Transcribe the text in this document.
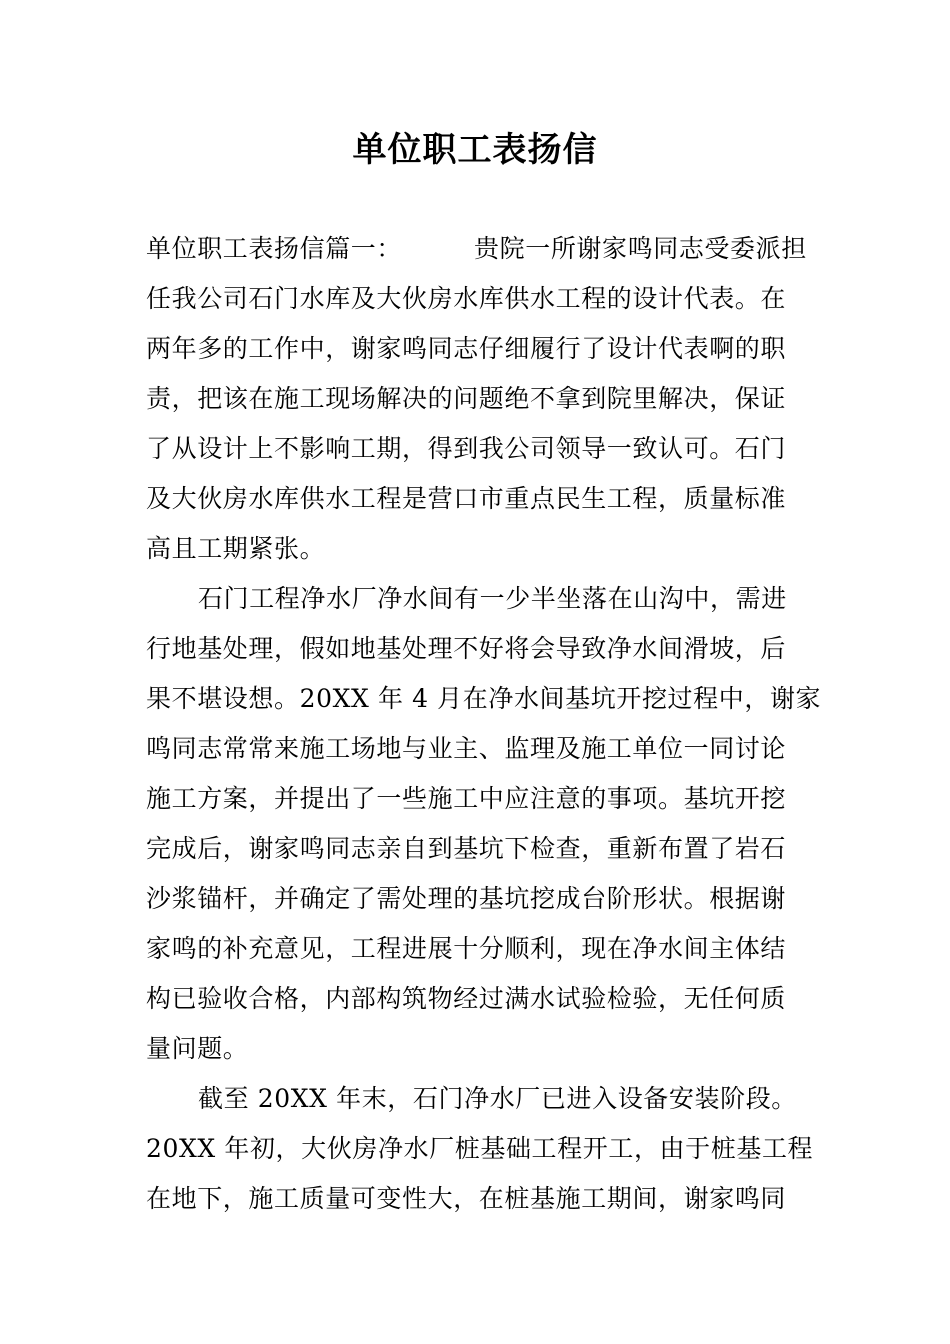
单位职工表扬信
单位职工表扬信篇一：	贵院一所谢家鸣同志受委派担
任我公司石门水库及大伙房水库供水工程的设计代表。在
两年多的工作中，谢家鸣同志仔细履行了设计代表啊的职
责，把该在施工现场解决的问题绝不拿到院里解决，保证
了从设计上不影响工期，得到我公司领导一致认可。石门
及大伙房水库供水工程是营口市重点民生工程，质量标准
高且工期紧张。
石门工程净水厂净水间有一少半坐落在山沟中，需进
行地基处理，假如地基处理不好将会导致净水间滑坡，后
果不堪设想。20XX 年 4 月在净水间基坑开挖过程中，谢家
鸣同志常常来施工场地与业主、监理及施工单位一同讨论
施工方案，并提出了一些施工中应注意的事项。基坑开挖
完成后，谢家鸣同志亲自到基坑下检查，重新布置了岩石
沙浆锚杆，并确定了需处理的基坑挖成台阶形状。根据谢
家鸣的补充意见，工程进展十分顺利，现在净水间主体结
构已验收合格，内部构筑物经过满水试验检验，无任何质
量问题。
截至 20XX 年末，石门净水厂已进入设备安装阶段。
20XX 年初，大伙房净水厂桩基础工程开工，由于桩基工程
在地下，施工质量可变性大，在桩基施工期间，谢家鸣同
